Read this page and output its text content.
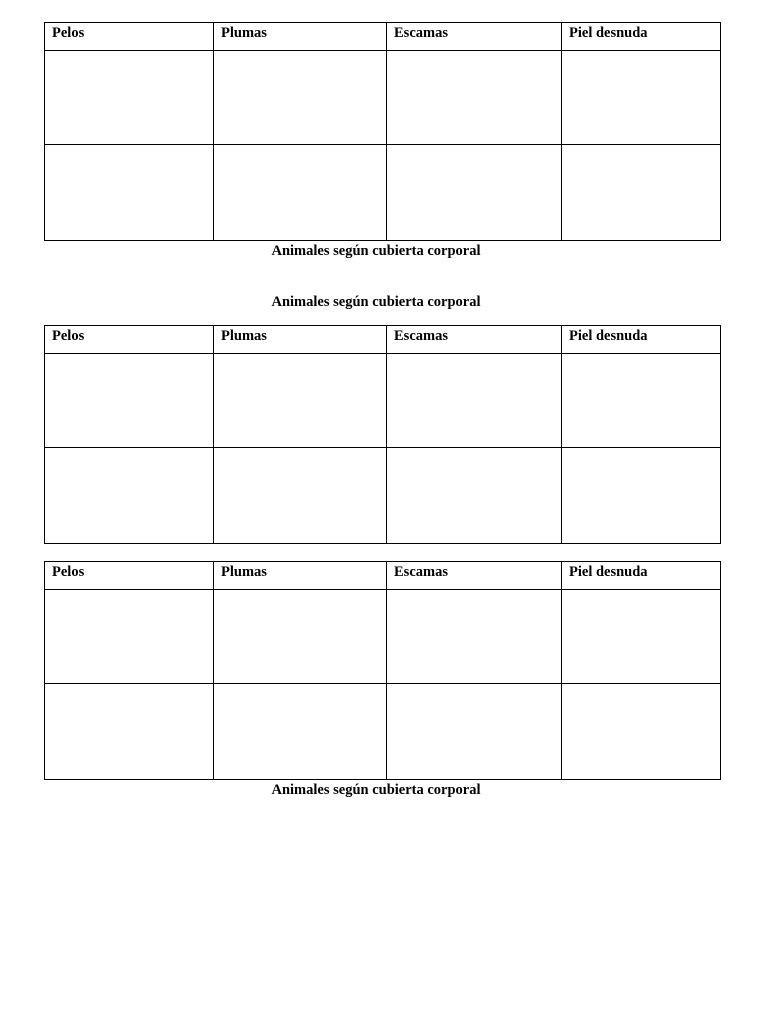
Pelos	Plumas	Escamas	Piel desnuda

Animales según cubierta corporal
Animales según cubierta corporal
Pelos	Plumas	Escamas	Piel desnuda

Pelos	Plumas	Escamas	Piel desnuda

Animales según cubierta corporal
